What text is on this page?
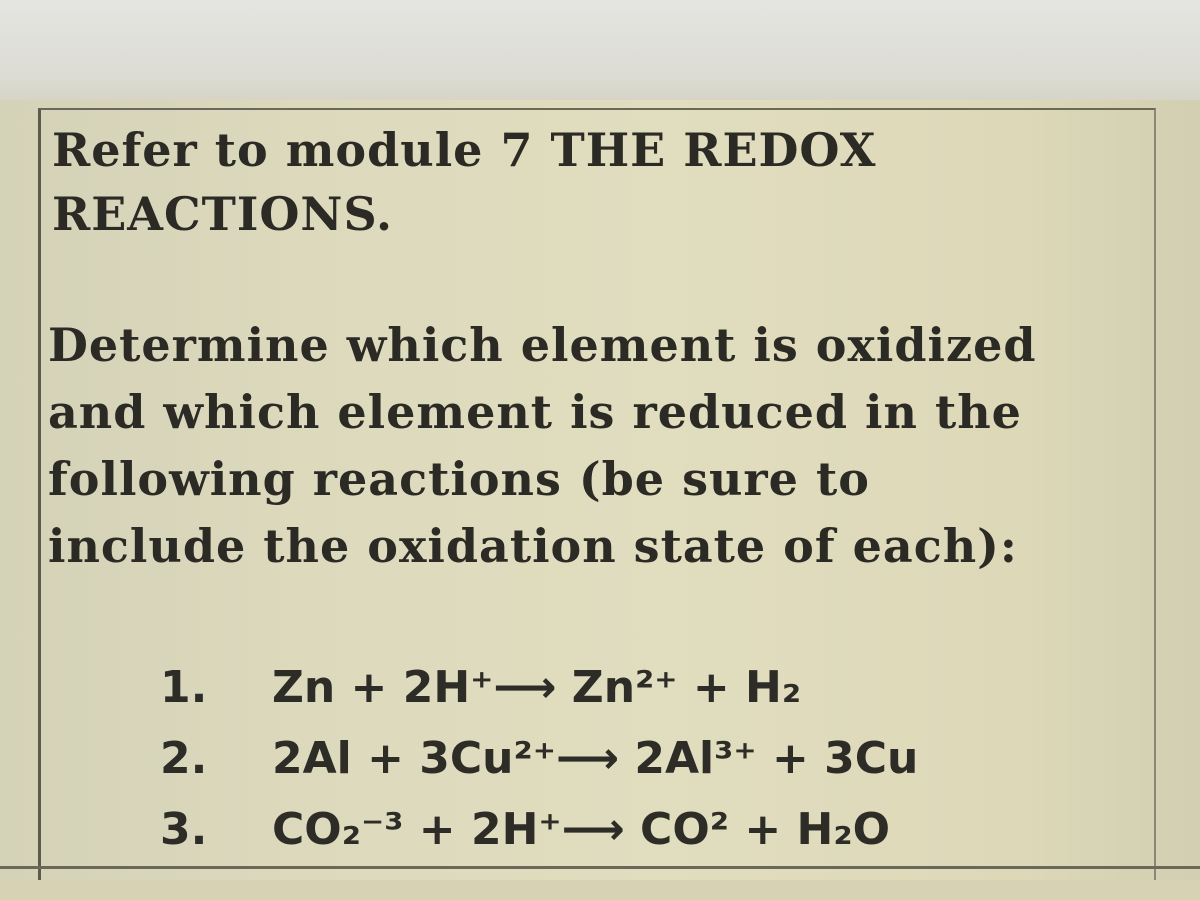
Refer to module 7 THE REDOX
REACTIONS.
Determine which element is oxidized
and which element is reduced in the
following reactions (be sure to
include the oxidation state of each):
1.	Zn + 2H⁺⟶ Zn²⁺ + H₂
2.	2Al + 3Cu²⁺⟶ 2Al³⁺ + 3Cu
3.	CO₂⁻³ + 2H⁺⟶ CO² + H₂O
